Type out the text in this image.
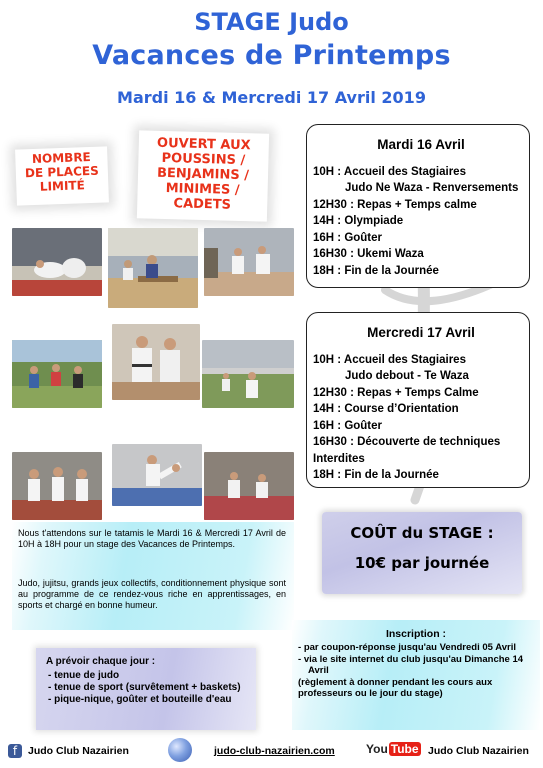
STAGE Judo
Vacances de Printemps
Mardi 16 & Mercredi 17 Avril 2019
NOMBRE
DE PLACES
LIMITÉ
OUVERT AUX
POUSSINS /
BENJAMINS /
MINIMES / CADETS
Mardi 16 Avril
10H : Accueil des Stagiaires
Judo Ne Waza - Renversements
12H30 : Repas + Temps calme
14H : Olympiade
16H : Goûter
16H30 : Ukemi Waza
18H : Fin de la Journée
Mercredi 17 Avril
10H : Accueil des Stagiaires
Judo debout - Te Waza
12H30 : Repas + Temps Calme
14H : Course d’Orientation
16H : Goûter
16H30 : Découverte de techniques
Interdites
18H : Fin de la Journée

Nous t'attendons sur le tatamis le Mardi 16 & Mercredi 17 Avril de 10H à 18H pour un stage des Vacances de Printemps.

Judo, jujitsu, grands jeux collectifs, conditionnement physique sont au programme de ce rendez-vous riche en apprentissages, en sports et chargé en bonne humeur.

COÛT du STAGE :
10€ par journée
Inscription :
- par coupon-réponse jusqu'au Vendredi 05 Avril
- via le site internet du club jusqu'au Dimanche 14 Avril
(règlement à donner pendant les cours aux professeurs ou le jour du stage)
A prévoir chaque jour :
- tenue de judo
- tenue de sport (survêtement + baskets)
- pique-nique, goûter et bouteille d'eau
f	Judo Club Nazairien	judo-club-nazairien.com	You Tube Judo Club Nazairien
